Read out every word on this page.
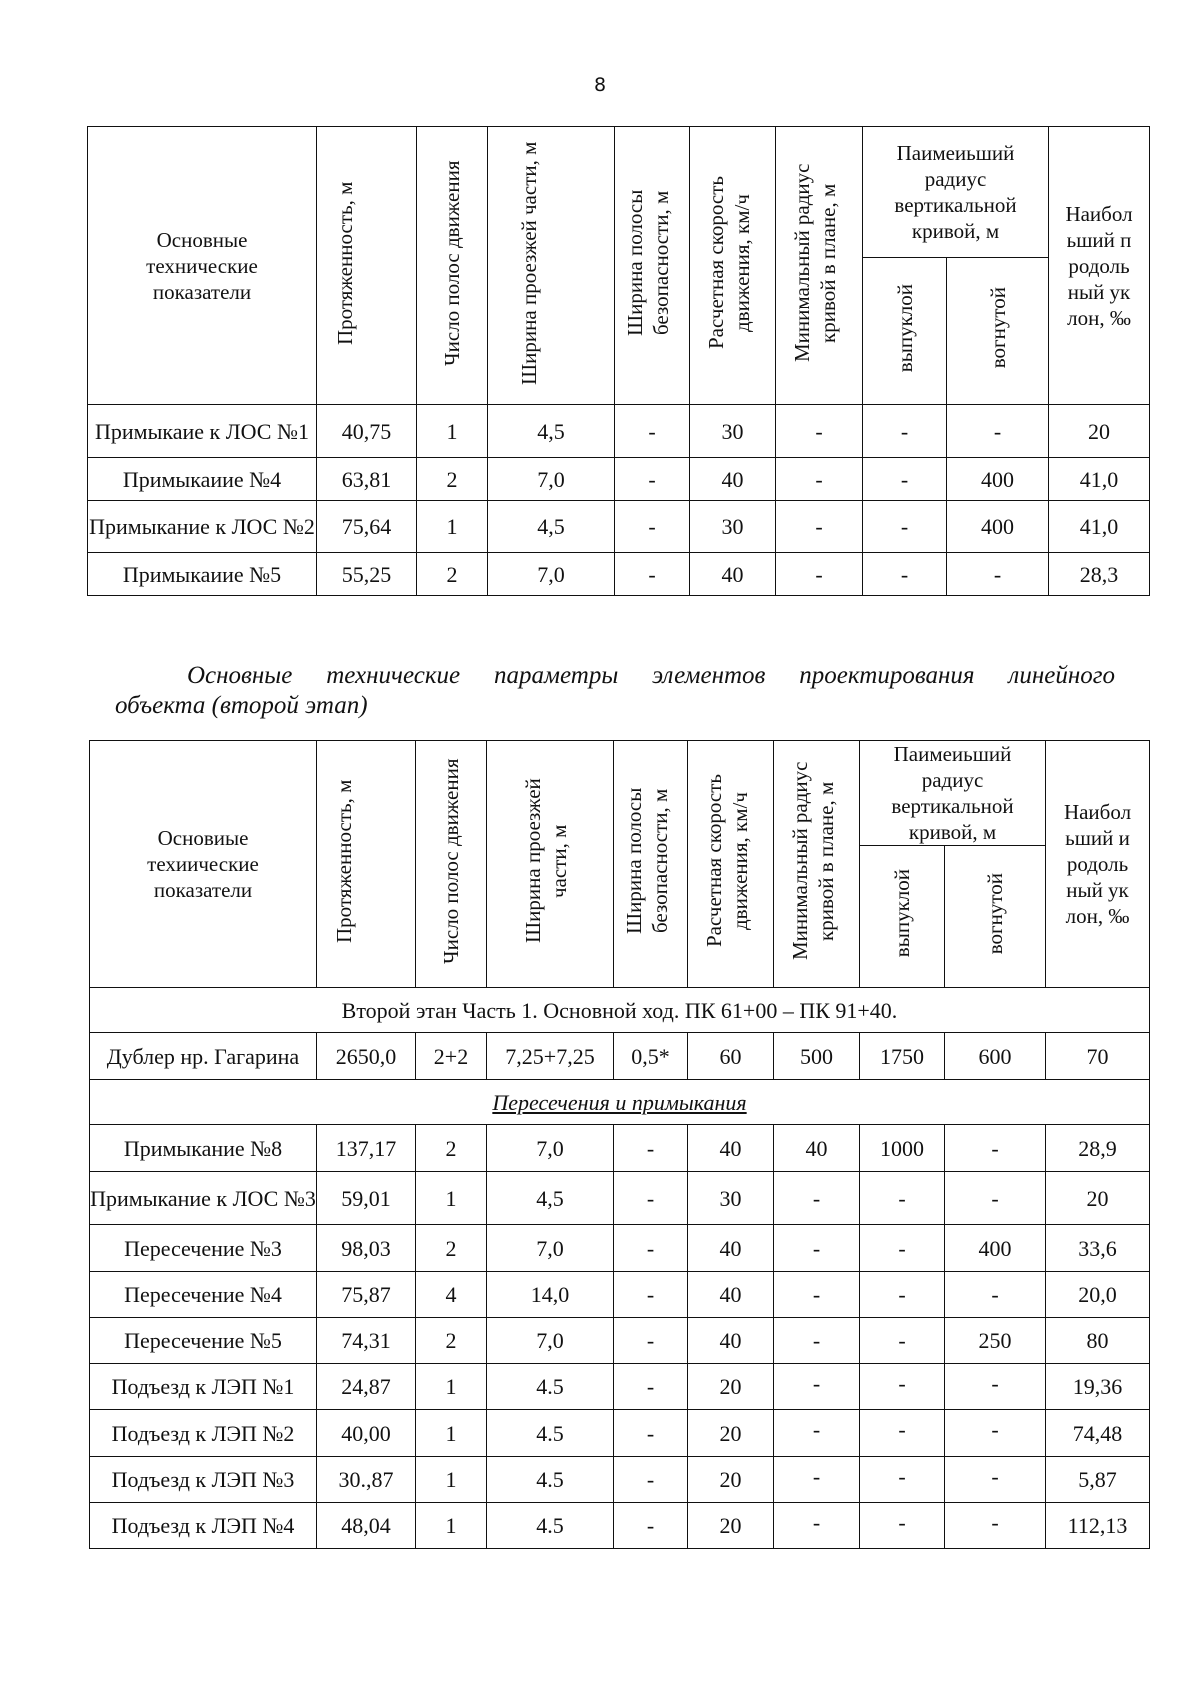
8
Основные технические показатели	Протяженность, м	Число полос движения	Ширина проезжей части, м	Ширина полосы безопасности, м	Расчетная скорость движения, км/ч	Минимальный радиус кривой в плане, м	Паимеиьший радиус вертикальной кривой, м		Наибольший продольный уклон, ‰
							выпуклой	вогнутой	
Примыкаие к ЛОС №1	40,75	1	4,5	-	30	-	-	-	20
Примыкаиие №4	63,81	2	7,0	-	40	-	-	400	41,0
Примыкание к ЛОС №2	75,64	1	4,5	-	30	-	-	400	41,0
Примыкаиие №5	55,25	2	7,0	-	40	-	-	-	28,3
Основные технические параметры элементов проектирования линейного
объекта (второй этап)
Основиые техиические показатели	Протяженность, м	Число полос движения	Ширина проезжей части, м	Ширина полосы безопасности, м	Расчетная скорость движения, км/ч	Минимальный радиус кривой в плане, м	Паимеиьший радиус вертикальной кривой, м		Наибольший иродольный уклон, ‰
							выпуклой	вогнутой	
Второй этан Часть 1. Основной ход. ПК 61+00 – ПК 91+40.									
Дублер нр. Гагарина	2650,0	2+2	7,25+7,25	0,5*	60	500	1750	600	70
Пересечения и примыкания									
Примыкание №8	137,17	2	7,0	-	40	40	1000	-	28,9
Примыкание к ЛОС №3	59,01	1	4,5	-	30	-	-	-	20
Пересечение №3	98,03	2	7,0	-	40	-	-	400	33,6
Пересечение №4	75,87	4	14,0	-	40	-	-	-	20,0
Пересечение №5	74,31	2	7,0	-	40	-	-	250	80
Подъезд к ЛЭП №1	24,87	1	4.5	-	20	-	-	-	19,36
Подъезд к ЛЭП №2	40,00	1	4.5	-	20	-	-	-	74,48
Подъезд к ЛЭП №3	30.,87	1	4.5	-	20	-	-	-	5,87
Подъезд к ЛЭП №4	48,04	1	4.5	-	20	-	-	-	112,13
